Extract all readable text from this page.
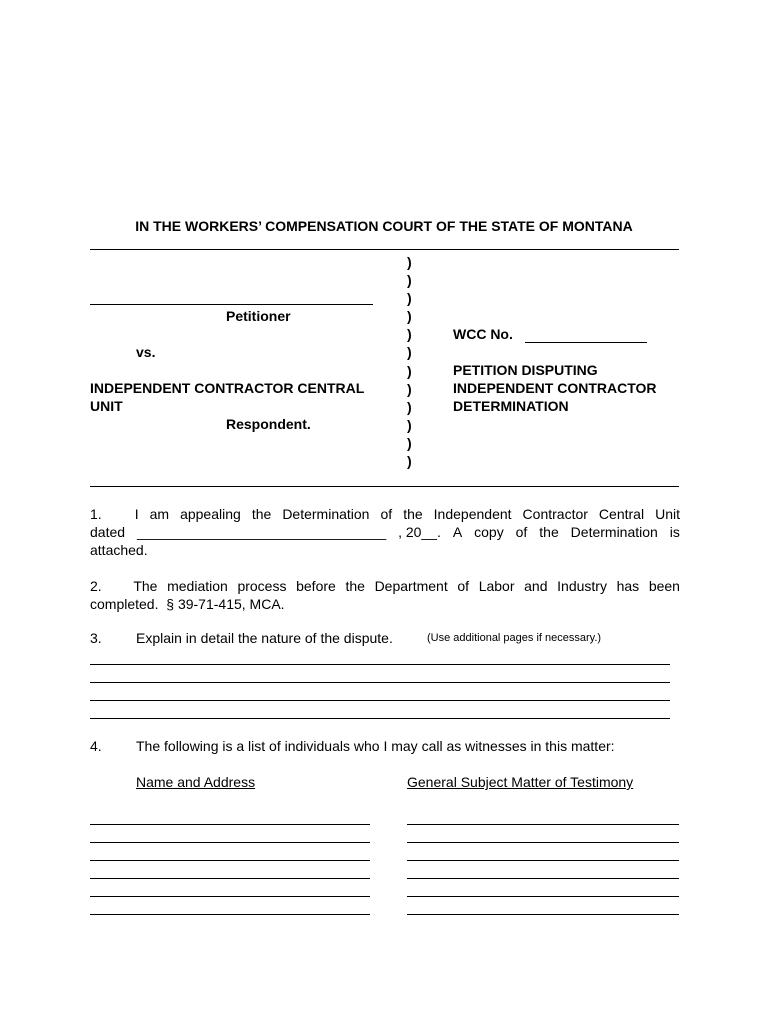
IN THE WORKERS’ COMPENSATION COURT OF THE STATE OF MONTANA
Petitioner
vs.
INDEPENDENT CONTRACTOR CENTRAL
UNIT
Respondent.
)
)
)
)
)
)
)
)
)
)
)
)
WCC No.
PETITION DISPUTING
INDEPENDENT CONTRACTOR
DETERMINATION
1. I am appealing the Determination of the Independent Contractor Central Unit
dated ________________________________ , 20__. A copy of the Determination is
attached.
2. The mediation process before the Department of Labor and Industry has been
completed.  § 39-71-415, MCA.
3. Explain in detail the nature of the dispute.	(Use additional pages if necessary.)
4. The following is a list of individuals who I may call as witnesses in this matter:
Name and Address	General Subject Matter of Testimony
